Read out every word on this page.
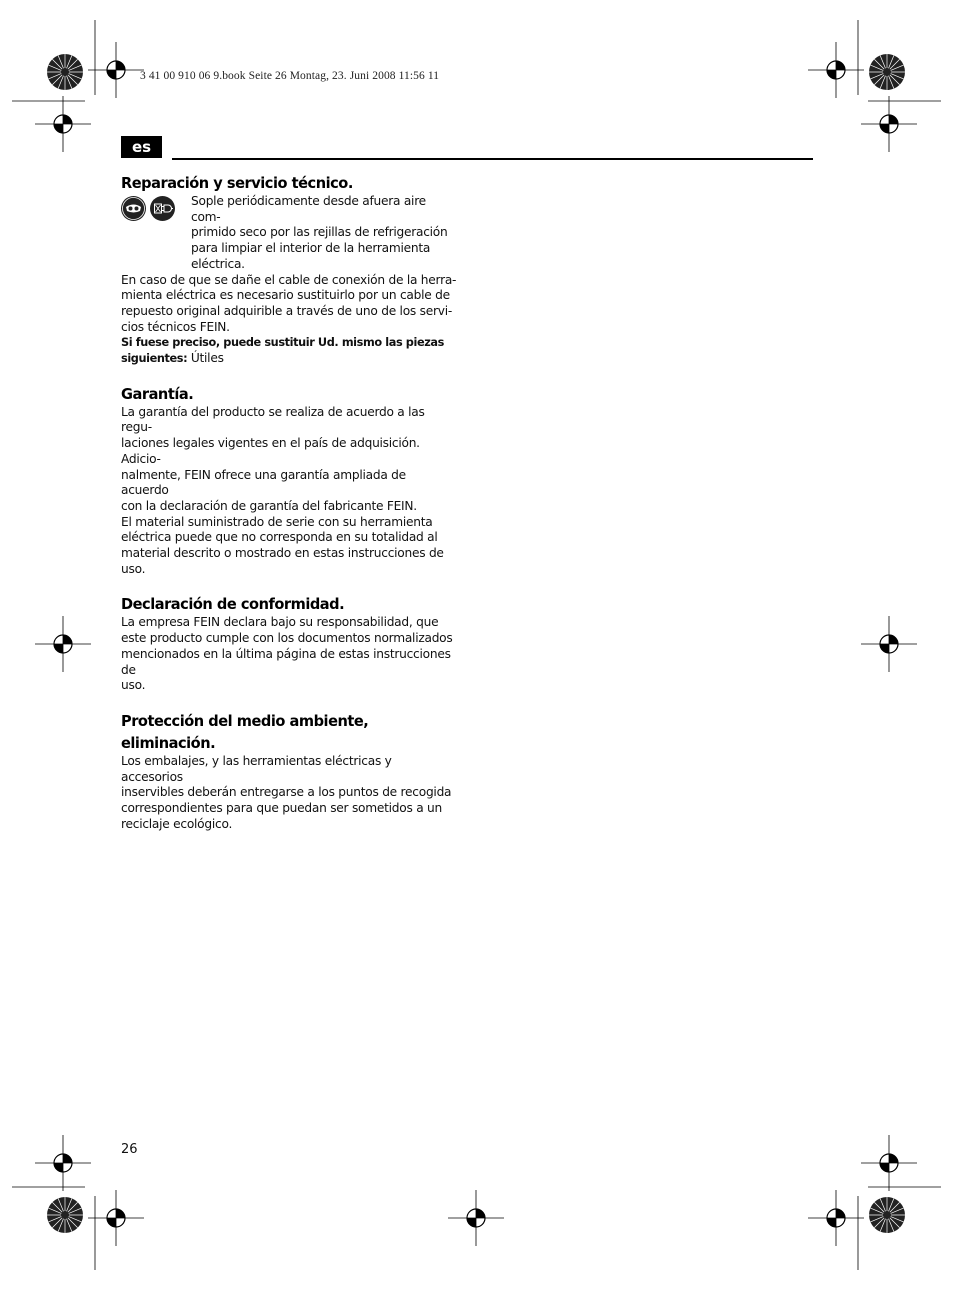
3 41 00 910 06 9.book Seite 26 Montag, 23. Juni 2008 11:56 11
es
Reparación y servicio técnico.

Sople periódicamente desde afuera aire com-

primido seco por las rejillas de refrigeración

para limpiar el interior de la herramienta

eléctrica.

En caso de que se dañe el cable de conexión de la herra-

mienta eléctrica es necesario sustituirlo por un cable de

repuesto original adquirible a través de uno de los servi-

cios técnicos FEIN.

Si fuese preciso, puede sustituir Ud. mismo las piezas

siguientes: Útiles

Garantía.

La garantía del producto se realiza de acuerdo a las regu-

laciones legales vigentes en el país de adquisición. Adicio-

nalmente, FEIN ofrece una garantía ampliada de acuerdo

con la declaración de garantía del fabricante FEIN.

El material suministrado de serie con su herramienta

eléctrica puede que no corresponda en su totalidad al

material descrito o mostrado en estas instrucciones de

uso.

Declaración de conformidad.

La empresa FEIN declara bajo su responsabilidad, que

este producto cumple con los documentos normalizados

mencionados en la última página de estas instrucciones de

uso.

Protección del medio ambiente,
eliminación.

Los embalajes, y las herramientas eléctricas y accesorios

inservibles deberán entregarse a los puntos de recogida

correspondientes para que puedan ser sometidos a un

reciclaje ecológico.

26
